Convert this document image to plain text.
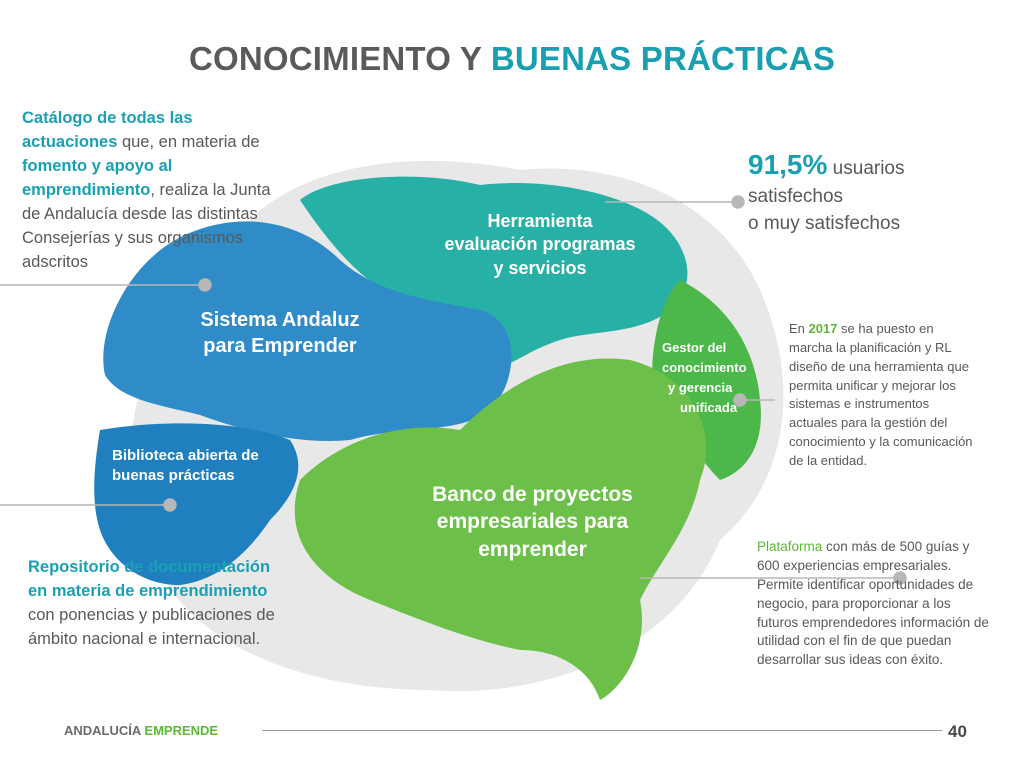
CONOCIMIENTO Y BUENAS PRÁCTICAS
Sistema Andaluz
para Emprender
Herramienta
evaluación programas
y servicios
Gestor del
conocimiento
y gerencia
unificada
Biblioteca abierta de
buenas prácticas
Banco de proyectos
empresariales para
emprender
Catálogo de todas las actuaciones que, en materia de fomento y apoyo al emprendimiento, realiza la Junta de Andalucía desde las distintas Consejerías y sus organismos adscritos
91,5% usuarios
satisfechos
o muy satisfechos
En 2017 se ha puesto en marcha la planificación y RL diseño de una herramienta que permita unificar y mejorar los sistemas e instrumentos actuales para la gestión del conocimiento y la comunicación de la entidad.
Repositorio de documentación en materia de emprendimiento con ponencias y publicaciones de ámbito nacional e internacional.
Plataforma con más de 500 guías y 600 experiencias empresariales. Permite identificar oportunidades de negocio, para proporcionar a los futuros emprendedores información de utilidad con el fin de que puedan desarrollar sus ideas con éxito.
ANDALUCÍA EMPRENDE	40
